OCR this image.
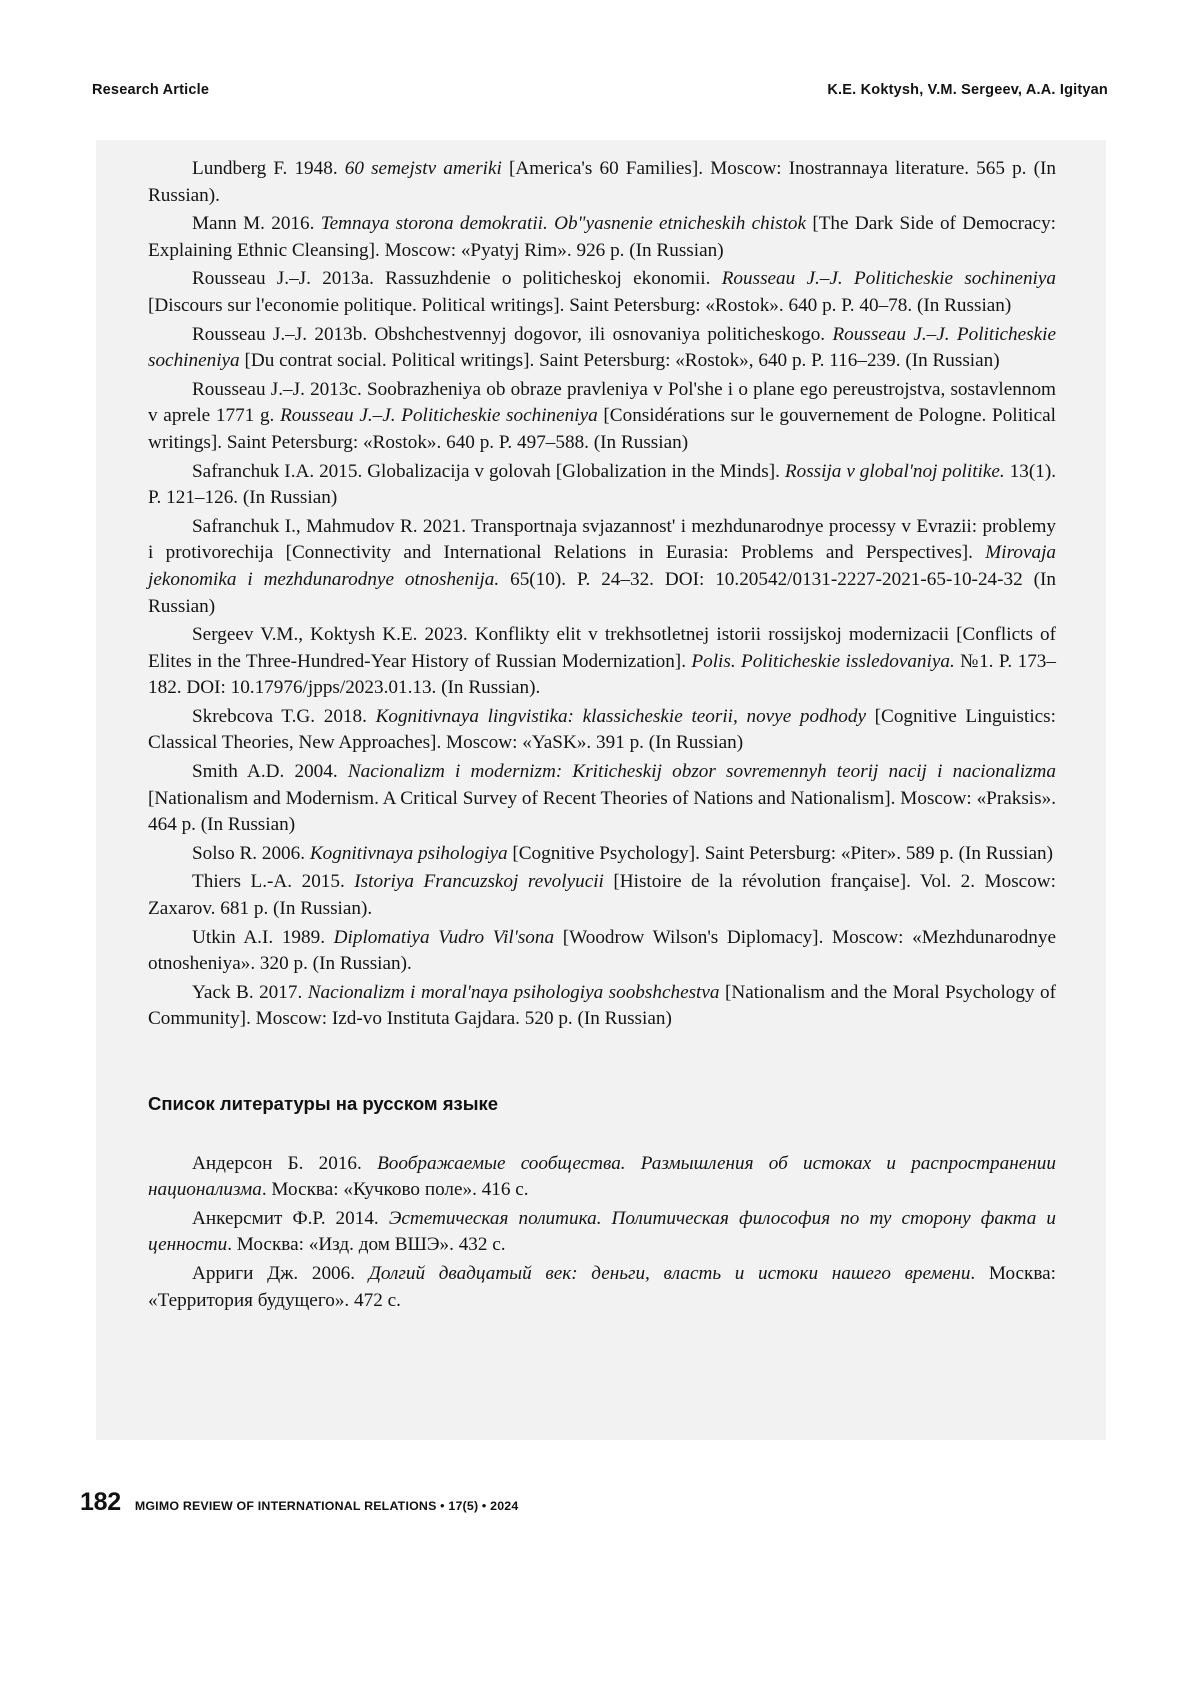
Research Article	K.E. Koktysh, V.M. Sergeev, A.A. Igityan

Lundberg F. 1948. 60 semejstv ameriki [America's 60 Families]. Moscow: Inostrannaya literature. 565 p. (In Russian).

Mann M. 2016. Temnaya storona demokratii. Ob"yasnenie etnicheskih chistok [The Dark Side of Democracy: Explaining Ethnic Cleansing]. Moscow: «Pyatyj Rim». 926 p. (In Russian)

Rousseau J.–J. 2013a. Rassuzhdenie o politicheskoj ekonomii. Rousseau J.–J. Politicheskie sochineniya [Discours sur l'economie politique. Political writings]. Saint Petersburg: «Rostok». 640 p. P. 40–78. (In Russian)

Rousseau J.–J. 2013b. Obshchestvennyj dogovor, ili osnovaniya politicheskogo. Rousseau J.–J. Politicheskie sochineniya [Du contrat social. Political writings]. Saint Petersburg: «Rostok», 640 p. P. 116–239. (In Russian)

Rousseau J.–J. 2013c. Soobrazheniya ob obraze pravleniya v Pol'she i o plane ego pereustrojstva, sostavlennom v aprele 1771 g. Rousseau J.–J. Politicheskie sochineniya [Considérations sur le gouvernement de Pologne. Political writings]. Saint Petersburg: «Rostok». 640 p. P. 497–588. (In Russian)

Safranchuk I.A. 2015. Globalizacija v golovah [Globalization in the Minds]. Rossija v global'noj politike. 13(1). P. 121–126. (In Russian)

Safranchuk I., Mahmudov R. 2021. Transportnaja svjazannost' i mezhdunarodnye processy v Evrazii: problemy i protivorechija [Connectivity and International Relations in Eurasia: Problems and Perspectives]. Mirovaja jekonomika i mezhdunarodnye otnoshenija. 65(10). P. 24–32. DOI: 10.20542/0131-2227-2021-65-10-24-32 (In Russian)

Sergeev V.M., Koktysh K.E. 2023. Konflikty elit v trekhsotletnej istorii rossijskoj modernizacii [Conflicts of Elites in the Three-Hundred-Year History of Russian Modernization]. Polis. Politicheskie issledovaniya. №1. P. 173–182. DOI: 10.17976/jpps/2023.01.13. (In Russian).

Skrebcova T.G. 2018. Kognitivnaya lingvistika: klassicheskie teorii, novye podhody [Cognitive Linguistics: Classical Theories, New Approaches]. Moscow: «YaSK». 391 p. (In Russian)

Smith A.D. 2004. Nacionalizm i modernizm: Kriticheskij obzor sovremennyh teorij nacij i nacionalizma [Nationalism and Modernism. A Critical Survey of Recent Theories of Nations and Nationalism]. Moscow: «Praksis». 464 p. (In Russian)

Solso R. 2006. Kognitivnaya psihologiya [Cognitive Psychology]. Saint Petersburg: «Piter». 589 p. (In Russian)

Thiers L.-A. 2015. Istoriya Francuzskoj revolyucii [Histoire de la révolution française]. Vol. 2. Moscow: Zaxarov. 681 p. (In Russian).

Utkin A.I. 1989. Diplomatiya Vudro Vil'sona [Woodrow Wilson's Diplomacy]. Moscow: «Mezhdunarodnye otnosheniya». 320 p. (In Russian).

Yack B. 2017. Nacionalizm i moral'naya psihologiya soobshchestva [Nationalism and the Moral Psychology of Community]. Moscow: Izd-vo Instituta Gajdara. 520 p. (In Russian)

Список литературы на русском языке

Андерсон Б. 2016. Воображаемые сообщества. Размышления об истоках и распространении национализма. Москва: «Кучково поле». 416 с.

Анкерсмит Ф.Р. 2014. Эстетическая политика. Политическая философия по ту сторону факта и ценности. Москва: «Изд. дом ВШЭ». 432 с.

Арриги Дж. 2006. Долгий двадцатый век: деньги, власть и истоки нашего времени. Москва: «Территория будущего». 472 с.

182 MGIMO REVIEW OF INTERNATIONAL RELATIONS • 17(5) • 2024
